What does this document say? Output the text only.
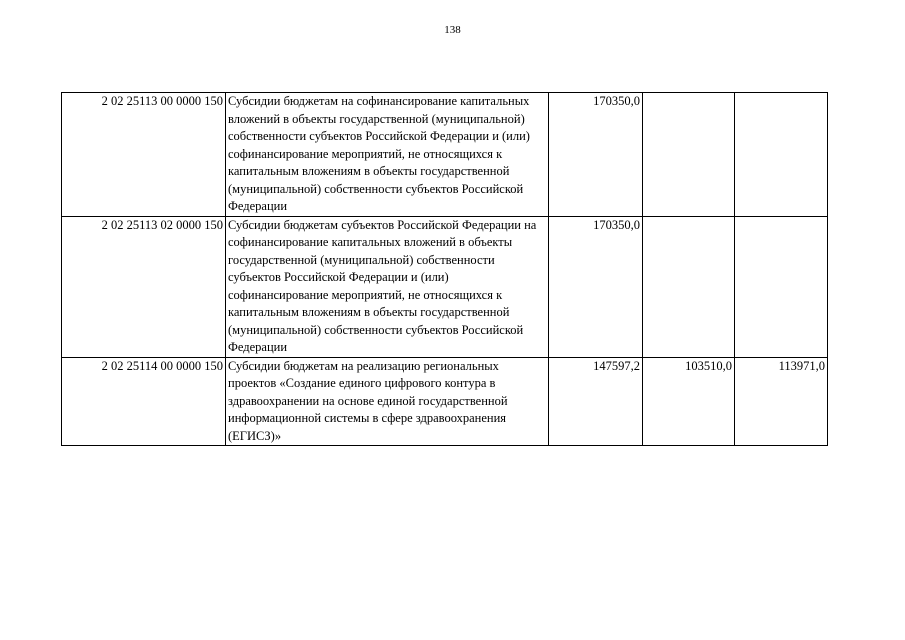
138
2 02 25113 00 0000 150	Субсидии бюджетам на софинансирование капитальных вложений в объекты государственной (муниципальной) собственности субъектов Российской Федерации и (или) софинансирование мероприятий, не относящихся к капитальным вложениям в объекты государственной (муниципальной) собственности субъектов Российской Федерации	170350,0		
2 02 25113 02 0000 150	Субсидии бюджетам субъектов Российской Федерации на софинансирование капитальных вложений в объекты государственной (муниципальной) собственности субъектов Российской Федерации и (или) софинансирование мероприятий, не относящихся к капитальным вложениям в объекты государственной (муниципальной) собственности субъектов Российской Федерации	170350,0		
2 02 25114 00 0000 150	Субсидии бюджетам на реализацию региональных проектов «Создание единого цифрового контура в здравоохранении на основе единой государственной информационной системы в сфере здравоохранения (ЕГИСЗ)»	147597,2	103510,0	113971,0
